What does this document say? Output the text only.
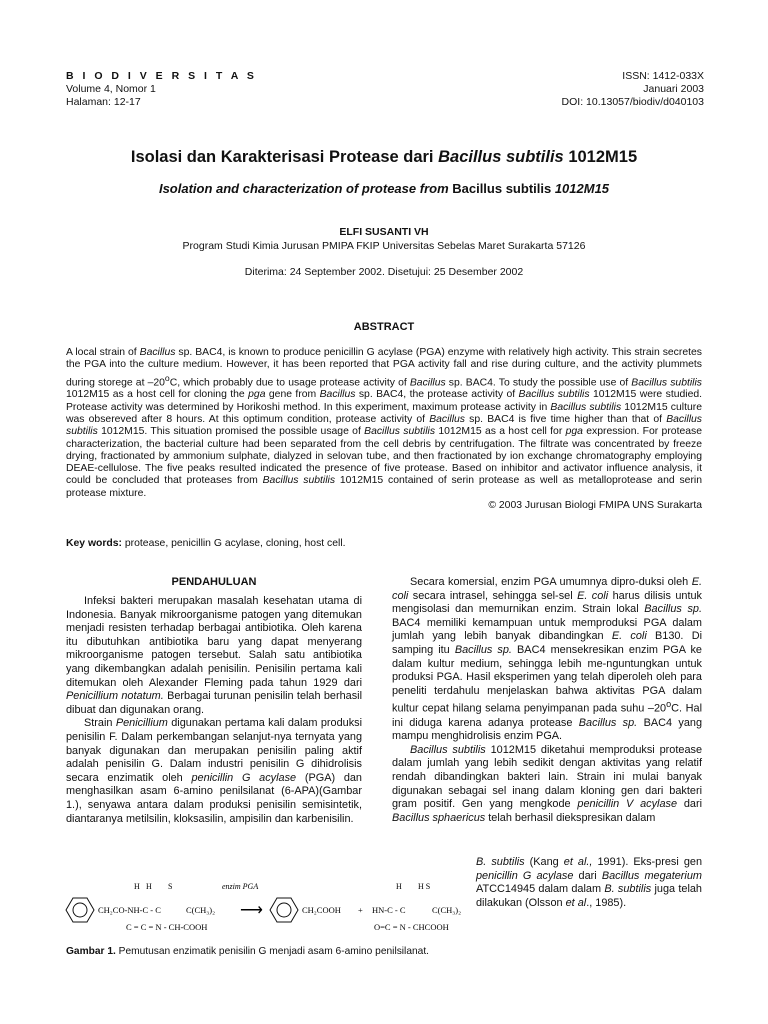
B I O D I V E R S I T A S
Volume 4, Nomor 1
Halaman: 12-17
ISSN: 1412-033X
Januari 2003
DOI: 10.13057/biodiv/d040103
Isolasi dan Karakterisasi Protease dari Bacillus subtilis 1012M15
Isolation and characterization of protease from Bacillus subtilis 1012M15
ELFI SUSANTI VH
Program Studi Kimia Jurusan PMIPA FKIP Universitas Sebelas Maret Surakarta 57126
Diterima: 24 September 2002. Disetujui: 25 Desember 2002
ABSTRACT

A local strain of Bacillus sp. BAC4, is known to produce penicillin G acylase (PGA) enzyme with relatively high activity. This strain secretes the PGA into the culture medium. However, it has been reported that PGA activity fall and rise during culture, and the activity plummets during storege at –20$^o$C, which probably due to usage protease activity of Bacillus sp. BAC4. To study the possible use of Bacillus subtilis 1012M15 as a host cell for cloning the pga gene from Bacillus sp. BAC4, the protease activity of Bacillus subtilis 1012M15 were studied. Protease activity was determined by Horikoshi method. In this experiment, maximum protease activity in Bacillus subtilis 1012M15 culture was obsereved after 8 hours. At this optimum condition, protease activity of Bacillus sp. BAC4 is five time higher than that of Bacillus subtilis 1012M15. This situation promised the possible usage of Bacillus subtilis 1012M15 as a host cell for pga expression. For protease characterization, the bacterial culture had been separated from the cell debris by centrifugation. The filtrate was concentrated by freeze drying, fractionated by ammonium sulphate, dialyzed in selovan tube, and then fractionated by ion exchange chromatography employing DEAE-cellulose. The five peaks resulted indicated the presence of five protease. Based on inhibitor and activator influence analysis, it could be concluded that proteases from Bacillus subtilis 1012M15 contained of serin protease as well as metalloprotease and serin protease mixture.

© 2003 Jurusan Biologi FMIPA UNS Surakarta
Key words: protease, penicillin G acylase, cloning, host cell.
PENDAHULUAN

Infeksi bakteri merupakan masalah kesehatan utama di Indonesia. Banyak mikroorganisme patogen yang ditemukan menjadi resisten terhadap berbagai antibiotika. Oleh karena itu dibutuhkan antibiotika baru yang dapat menyerang mikroorganisme patogen tersebut. Salah satu antibiotika yang dikembangkan adalah penisilin. Penisilin pertama kali ditemukan oleh Alexander Fleming pada tahun 1929 dari Penicillium notatum. Berbagai turunan penisilin telah berhasil dibuat dan digunakan orang.

Strain Penicillium digunakan pertama kali dalam produksi penisilin F. Dalam perkembangan selanjut-nya ternyata yang banyak digunakan dan merupakan penisilin paling aktif adalah penisilin G. Dalam industri penisilin G dihidrolisis secara enzimatik oleh penicillin G acylase (PGA) dan menghasilkan asam 6-amino penilsilanat (6-APA)(Gambar 1.), senyawa antara dalam produksi penisilin semisintetik, diantaranya metilsilin, kloksasilin, ampisilin dan karbenisilin.

Secara komersial, enzim PGA umumnya dipro-duksi oleh E. coli secara intrasel, sehingga sel-sel E. coli harus dilisis untuk mengisolasi dan memurnikan enzim. Strain lokal Bacillus sp. BAC4 memiliki kemampuan untuk memproduksi PGA dalam jumlah yang lebih banyak dibandingkan E. coli B130. Di samping itu Bacillus sp. BAC4 mensekresikan enzim PGA ke dalam kultur medium, sehingga lebih me-nguntungkan untuk produksi PGA. Hasil eksperimen yang telah diperoleh oleh para peneliti terdahulu menjelaskan bahwa aktivitas PGA dalam kultur cepat hilang selama penyimpanan pada suhu –20$^o$C. Hal ini diduga karena adanya protease Bacillus sp. BAC4 yang mampu menghidrolisis enzim PGA.

Bacillus subtilis 1012M15 diketahui memproduksi protease dalam jumlah yang lebih sedikit dengan aktivitas yang relatif rendah dibandingkan bakteri lain. Strain ini mulai banyak digunakan sebagai sel inang dalam kloning gen dari bakteri gram positif. Gen yang mengkode penicillin V acylase dari Bacillus sphaericus telah berhasil diekspresikan dalam

B. subtilis (Kang et al., 1991). Eks-presi gen penicillin G acylase dari Bacillus megaterium ATCC14945 dalam dalam B. subtilis juga telah dilakukan (Olsson et al., 1985).
H H S
CH₂CO-NH-C - C	C(CH₃)₂
C = C = N - CH-COOH
enzim PGA
⟶	CH₂COOH +
H H S
HN-C - C	C(CH₃)₂
O=C = N - CHCOOH
Gambar 1. Pemutusan enzimatik penisilin G menjadi asam 6-amino penilsilanat.
